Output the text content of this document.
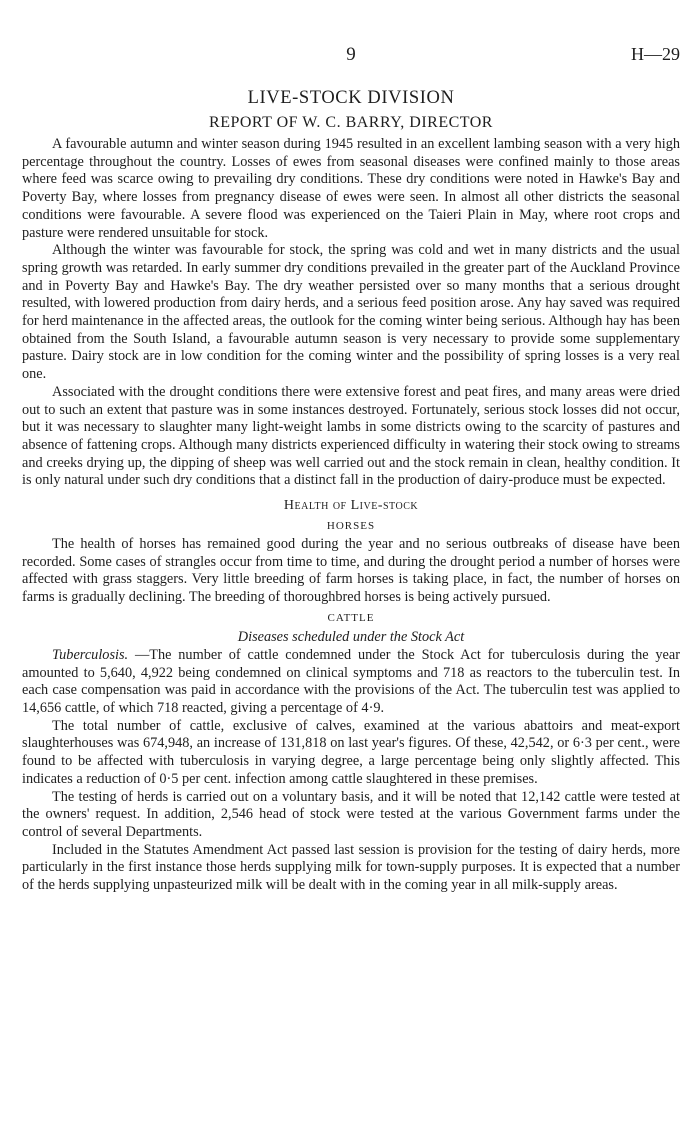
9	H—29
LIVE-STOCK DIVISION
REPORT OF W. C. BARRY, DIRECTOR

A favourable autumn and winter season during 1945 resulted in an excellent lambing season with a very high percentage throughout the country. Losses of ewes from seasonal diseases were confined mainly to those areas where feed was scarce owing to prevailing dry conditions. These dry conditions were noted in Hawke's Bay and Poverty Bay, where losses from pregnancy disease of ewes were seen. In almost all other districts the seasonal conditions were favourable. A severe flood was experienced on the Taieri Plain in May, where root crops and pasture were rendered unsuitable for stock.

Although the winter was favourable for stock, the spring was cold and wet in many districts and the usual spring growth was retarded. In early summer dry conditions prevailed in the greater part of the Auckland Province and in Poverty Bay and Hawke's Bay. The dry weather persisted over so many months that a serious drought resulted, with lowered production from dairy herds, and a serious feed position arose. Any hay saved was required for herd maintenance in the affected areas, the outlook for the coming winter being serious. Although hay has been obtained from the South Island, a favourable autumn season is very necessary to provide some supplementary pasture. Dairy stock are in low condition for the coming winter and the possibility of spring losses is a very real one.

Associated with the drought conditions there were extensive forest and peat fires, and many areas were dried out to such an extent that pasture was in some instances destroyed. Fortunately, serious stock losses did not occur, but it was necessary to slaughter many light-weight lambs in some districts owing to the scarcity of pastures and absence of fattening crops. Although many districts experienced difficulty in watering their stock owing to streams and creeks drying up, the dipping of sheep was well carried out and the stock remain in clean, healthy condition. It is only natural under such dry conditions that a distinct fall in the production of dairy-produce must be expected.

Health of Live-stock
HORSES

The health of horses has remained good during the year and no serious outbreaks of disease have been recorded. Some cases of strangles occur from time to time, and during the drought period a number of horses were affected with grass staggers. Very little breeding of farm horses is taking place, in fact, the number of horses on farms is gradually declining. The breeding of thoroughbred horses is being actively pursued.

CATTLE
Diseases scheduled under the Stock Act

Tuberculosis. —The number of cattle condemned under the Stock Act for tuberculosis during the year amounted to 5,640, 4,922 being condemned on clinical symptoms and 718 as reactors to the tuberculin test. In each case compensation was paid in accordance with the provisions of the Act. The tuberculin test was applied to 14,656 cattle, of which 718 reacted, giving a percentage of 4·9.

The total number of cattle, exclusive of calves, examined at the various abattoirs and meat-export slaughterhouses was 674,948, an increase of 131,818 on last year's figures. Of these, 42,542, or 6·3 per cent., were found to be affected with tuberculosis in varying degree, a large percentage being only slightly affected. This indicates a reduction of 0·5 per cent. infection among cattle slaughtered in these premises.

The testing of herds is carried out on a voluntary basis, and it will be noted that 12,142 cattle were tested at the owners' request. In addition, 2,546 head of stock were tested at the various Government farms under the control of several Departments.

Included in the Statutes Amendment Act passed last session is provision for the testing of dairy herds, more particularly in the first instance those herds supplying milk for town-supply purposes. It is expected that a number of the herds supplying unpasteurized milk will be dealt with in the coming year in all milk-supply areas.
